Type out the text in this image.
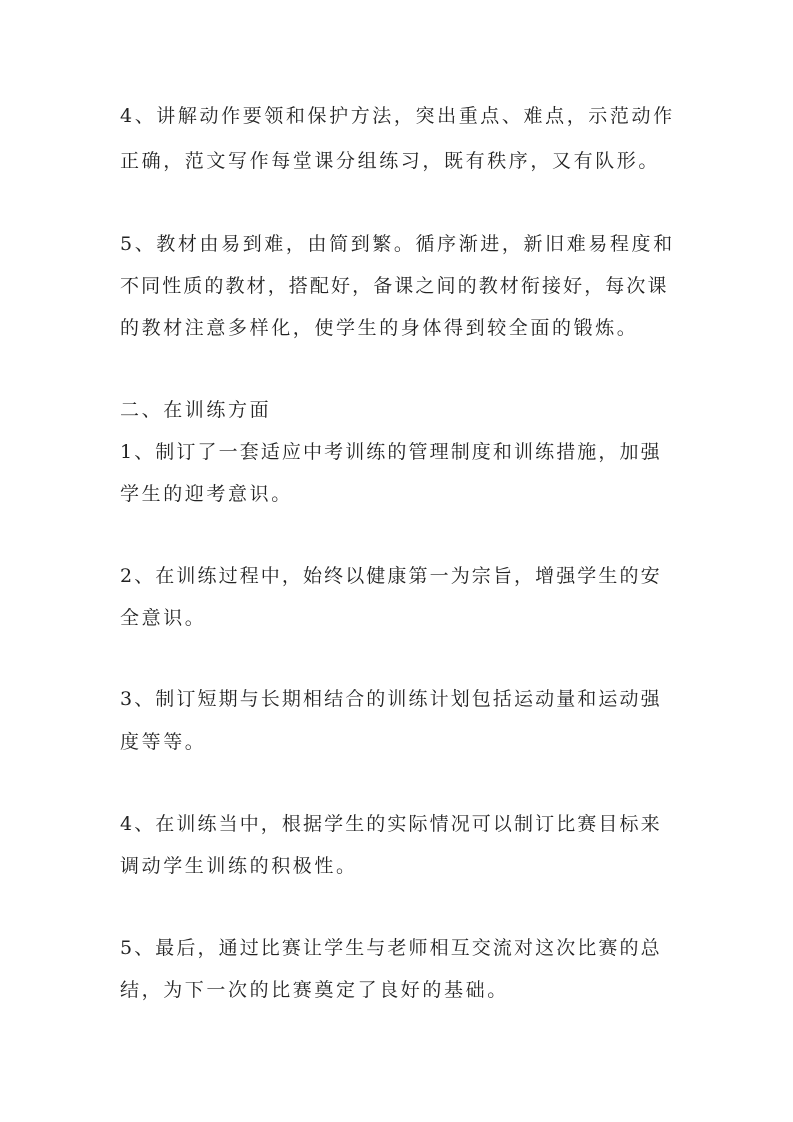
4、讲解动作要领和保护方法，突出重点、难点，示范动作
正确，范文写作每堂课分组练习，既有秩序，又有队形。
5、教材由易到难，由简到繁。循序渐进，新旧难易程度和
不同性质的教材，搭配好，备课之间的教材衔接好，每次课
的教材注意多样化，使学生的身体得到较全面的锻炼。
二、在训练方面
1、制订了一套适应中考训练的管理制度和训练措施，加强
学生的迎考意识。
2、在训练过程中，始终以健康第一为宗旨，增强学生的安
全意识。
3、制订短期与长期相结合的训练计划包括运动量和运动强
度等等。
4、在训练当中，根据学生的实际情况可以制订比赛目标来
调动学生训练的积极性。
5、最后，通过比赛让学生与老师相互交流对这次比赛的总
结，为下一次的比赛奠定了良好的基础。
